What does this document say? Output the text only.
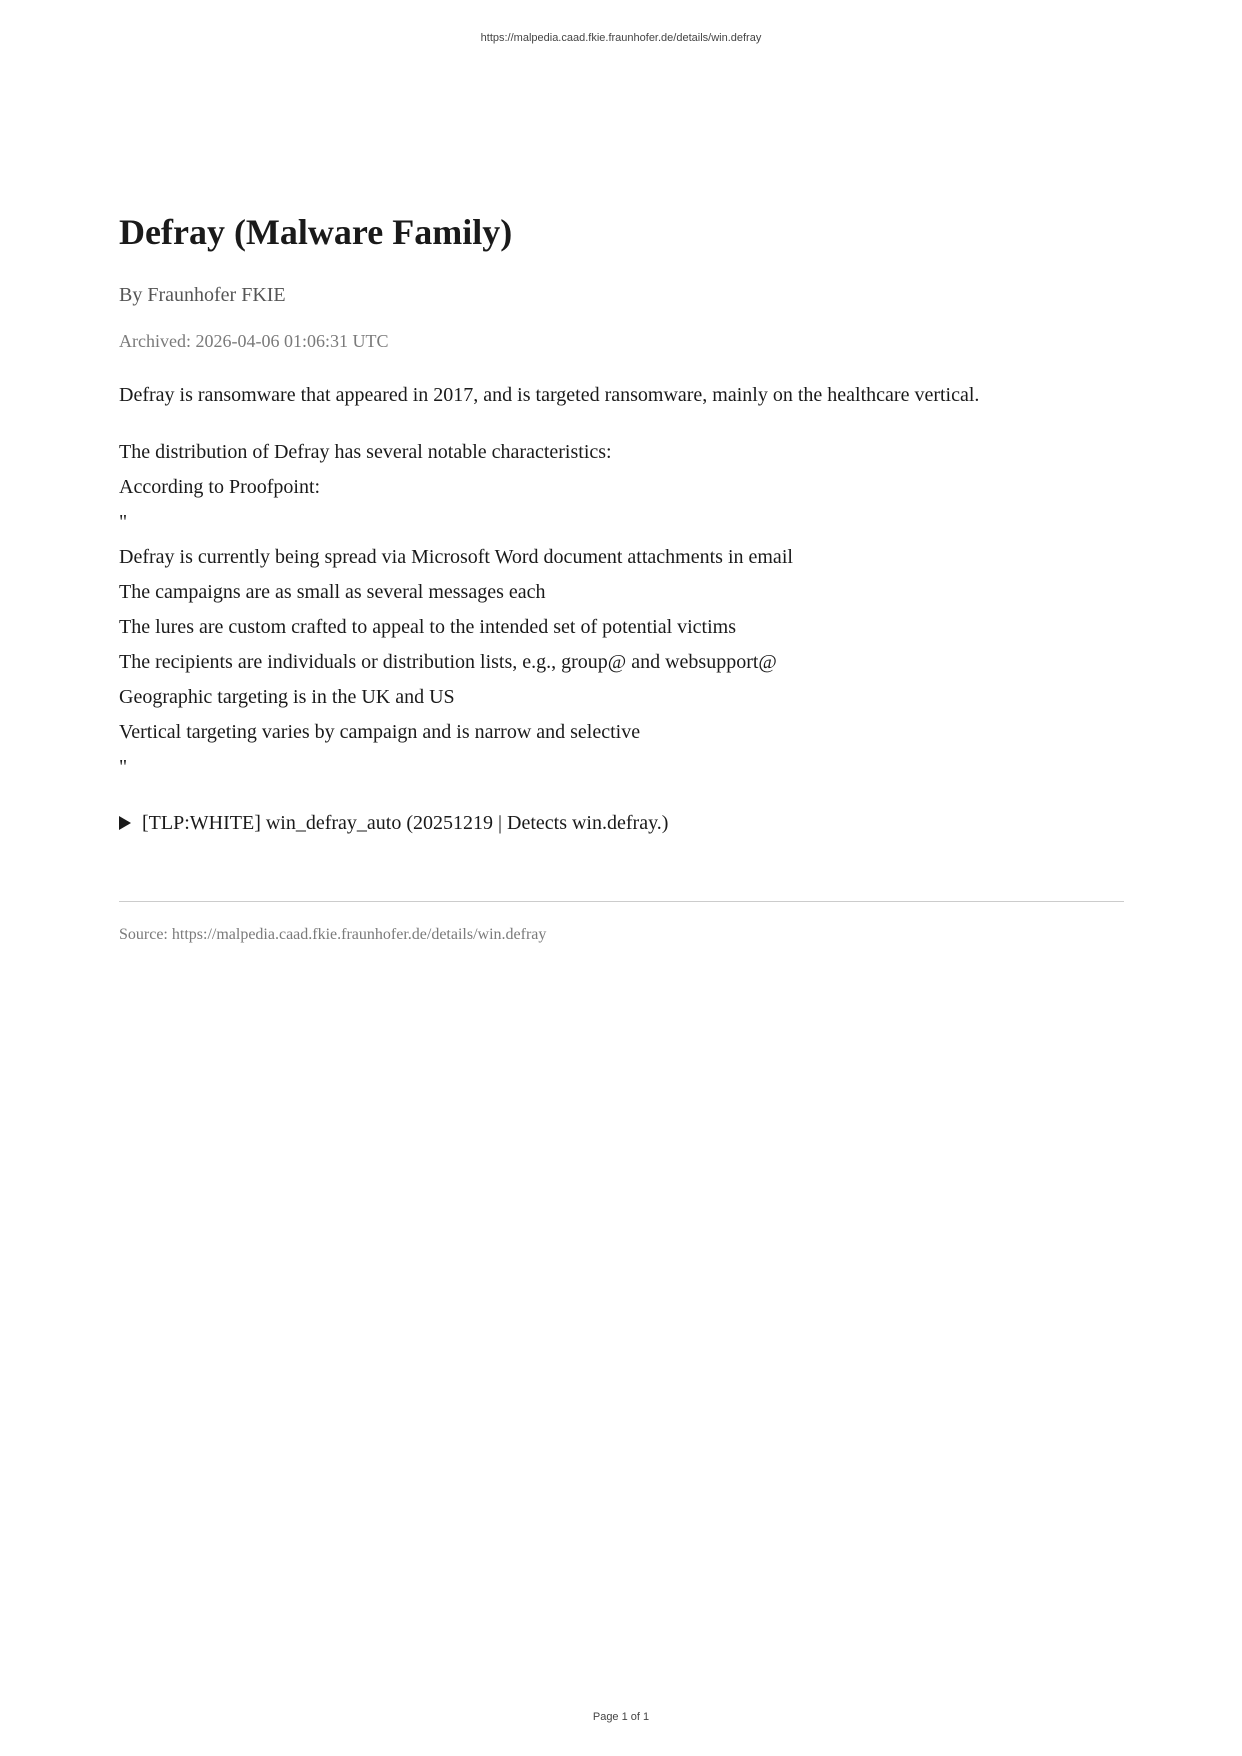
https://malpedia.caad.fkie.fraunhofer.de/details/win.defray
Defray (Malware Family)
By Fraunhofer FKIE
Archived: 2026-04-06 01:06:31 UTC
Defray is ransomware that appeared in 2017, and is targeted ransomware, mainly on the healthcare vertical.
The distribution of Defray has several notable characteristics:
According to Proofpoint:
"
Defray is currently being spread via Microsoft Word document attachments in email
The campaigns are as small as several messages each
The lures are custom crafted to appeal to the intended set of potential victims
The recipients are individuals or distribution lists, e.g., group@ and websupport@
Geographic targeting is in the UK and US
Vertical targeting varies by campaign and is narrow and selective
"
[TLP:WHITE] win_defray_auto (20251219 | Detects win.defray.)
Source: https://malpedia.caad.fkie.fraunhofer.de/details/win.defray
Page 1 of 1
